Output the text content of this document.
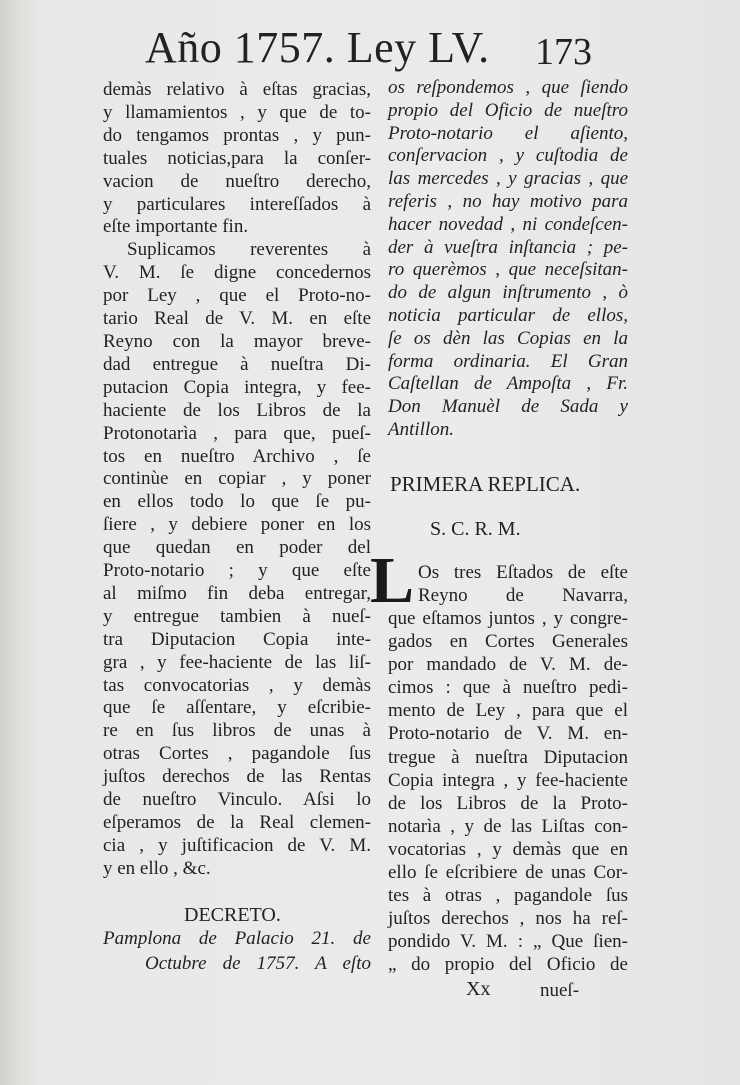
Año 1757. Ley LV. 173
demàs relativo à eſtas gracias,
y llamamientos , y que de to-
do tengamos prontas , y pun-
tuales noticias,para la conſer-
vacion de nueſtro derecho,
y particulares intereſſados à
eſte importante fin.
Suplicamos reverentes à
V. M. ſe digne concedernos
por Ley , que el Proto-no-
tario Real de V. M. en eſte
Reyno con la mayor breve-
dad entregue à nueſtra Di-
putacion Copia integra, y fee-
haciente de los Libros de la
Protonotarìa , para que, pueſ-
tos en nueſtro Archivo , ſe
continùe en copiar , y poner
en ellos todo lo que ſe pu-
ſiere , y debiere poner en los
que quedan en poder del
Proto-notario ; y que eſte
al miſmo fin deba entregar,
y entregue tambien à nueſ-
tra Diputacion Copia inte-
gra , y fee-haciente de las liſ-
tas convocatorias , y demàs
que ſe aſſentare, y eſcribie-
re en ſus libros de unas à
otras Cortes , pagandole ſus
juſtos derechos de las Rentas
de nueſtro Vinculo. Aſsi lo
eſperamos de la Real clemen-
cia , y juſtificacion de V. M.
y en ello , &c.
DECRETO.
Pamplona de Palacio 21. de
Octubre de 1757. A eſto
os reſpondemos , que ſiendo
propio del Oficio de nueſtro
Proto-notario el aſiento,
conſervacion , y cuſtodia de
las mercedes , y gracias , que
referis , no hay motivo para
hacer novedad , ni condeſcen-
der à vueſtra inſtancia ; pe-
ro querèmos , que neceſsitan-
do de algun inſtrumento , ò
noticia particular de ellos,
ſe os dèn las Copias en la
forma ordinaria. El Gran
Caſtellan de Ampoſta , Fr.
Don Manuèl de Sada y
Antillon.
PRIMERA REPLICA.
S. C. R. M.
L Os tres Eſtados de eſte
Reyno de Navarra,
que eſtamos juntos , y congre-
gados en Cortes Generales
por mandado de V. M. de-
cimos : que à nueſtro pedi-
mento de Ley , para que el
Proto-notario de V. M. en-
tregue à nueſtra Diputacion
Copia integra , y fee-haciente
de los Libros de la Proto-
notarìa , y de las Liſtas con-
vocatorias , y demàs que en
ello ſe eſcribiere de unas Cor-
tes à otras , pagandole ſus
juſtos derechos , nos ha reſ-
pondido V. M. : „ Que ſien-
„ do propio del Oficio de
Xx	nueſ-
